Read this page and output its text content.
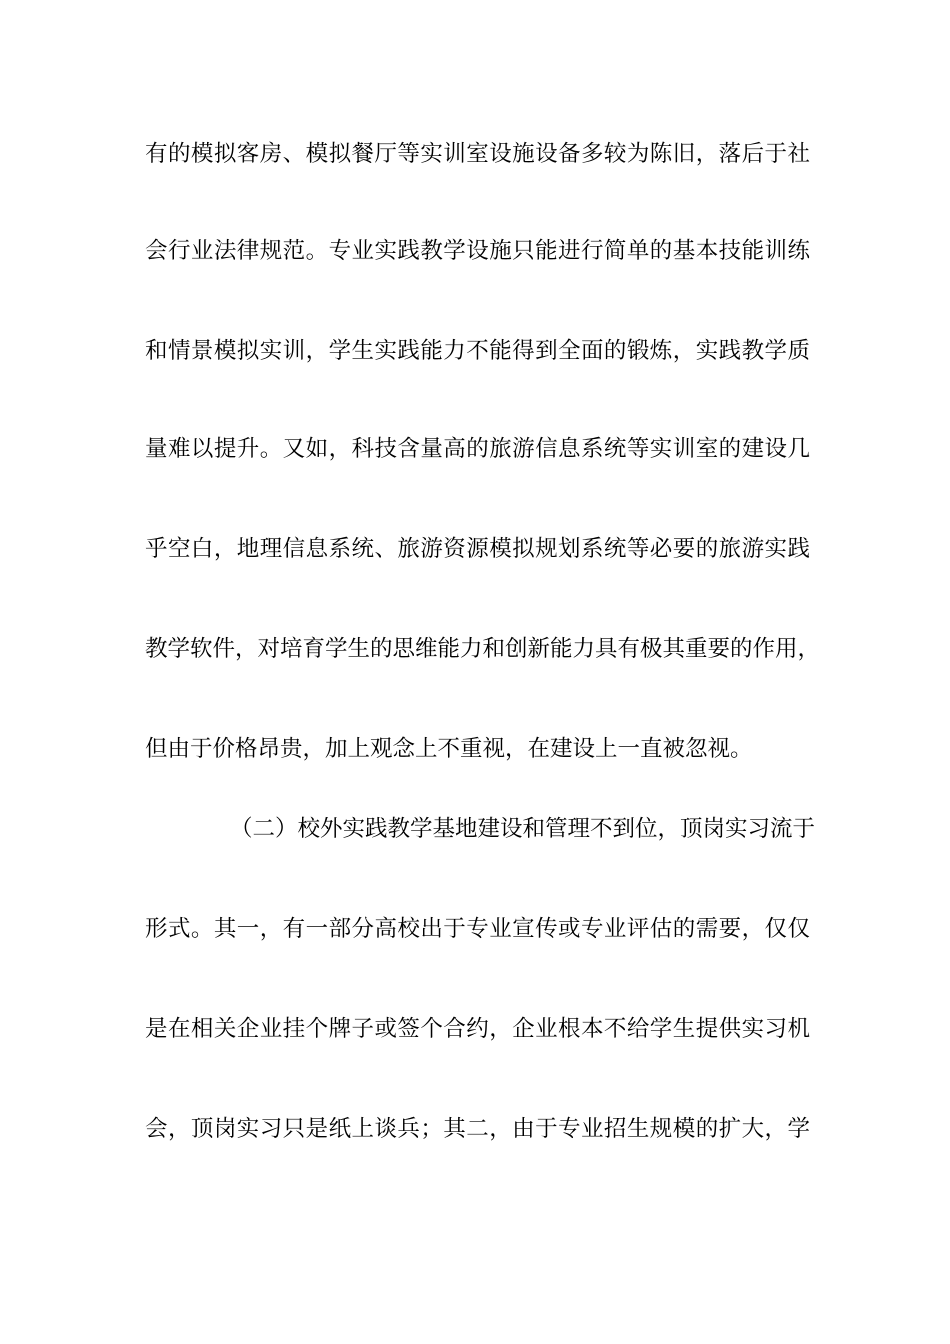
有的模拟客房、模拟餐厅等实训室设施设备多较为陈旧，落后于社
会行业法律规范。专业实践教学设施只能进行简单的基本技能训练
和情景模拟实训，学生实践能力不能得到全面的锻炼，实践教学质
量难以提升。又如，科技含量高的旅游信息系统等实训室的建设几
乎空白，地理信息系统、旅游资源模拟规划系统等必要的旅游实践
教学软件，对培育学生的思维能力和创新能力具有极其重要的作用，
但由于价格昂贵，加上观念上不重视，在建设上一直被忽视。
（二）校外实践教学基地建设和管理不到位，顶岗实习流于
形式。其一，有一部分高校出于专业宣传或专业评估的需要，仅仅
是在相关企业挂个牌子或签个合约，企业根本不给学生提供实习机
会，顶岗实习只是纸上谈兵；其二，由于专业招生规模的扩大，学
